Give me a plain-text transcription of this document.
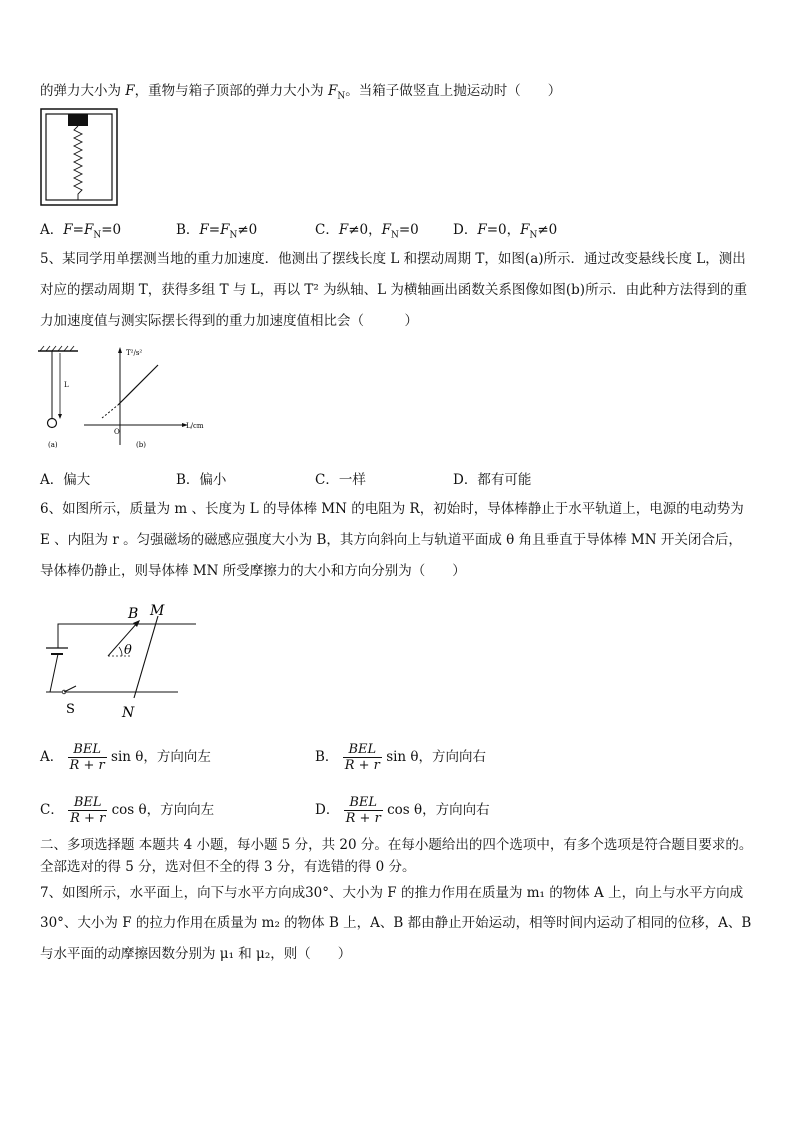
的弹力大小为 F，重物与箱子顶部的弹力大小为 $F_N$。当箱子做竖直上抛运动时（　　）
A．$F=F_N=0$	B．$F=F_N\ne 0$	C．F≠0，$F_N=0$	D．F=0，$F_N\ne 0$
5、某同学用单摆测当地的重力加速度．他测出了摆线长度 L 和摆动周期 T，如图(a)所示．通过改变悬线长度 L，测出
对应的摆动周期 T，获得多组 T 与 L，再以 T² 为纵轴、L 为横轴画出函数关系图像如图(b)所示．由此种方法得到的重
力加速度值与测实际摆长得到的重力加速度值相比会（　　　）
L
(a)
T²/s²
L/cm
O
(b)
A．偏大	B．偏小	C．一样	D．都有可能
6、如图所示，质量为 m 、长度为 L 的导体棒 MN 的电阻为 R，初始时，导体棒静止于水平轨道上，电源的电动势为
E 、内阻为 r 。匀强磁场的磁感应强度大小为 B，其方向斜向上与轨道平面成 θ 角且垂直于导体棒 MN 开关闭合后，
导体棒仍静止，则导体棒 MN 所受摩擦力的大小和方向分别为（　　）
S
B M
θ
N
A． $\frac{\text{BEL}}{R + r}$ sin θ，方向向左	B． $\frac{\text{BEL}}{R + r}$ sin θ，方向向右
C． $\frac{\text{BEL}}{R + r}$ cos θ，方向向左	D． $\frac{\text{BEL}}{R + r}$ cos θ，方向向右
二、多项选择题 本题共 4 小题，每小题 5 分，共 20 分。在每小题给出的四个选项中，有多个选项是符合题目要求的。
全部选对的得 5 分，选对但不全的得 3 分，有选错的得 0 分。
7、如图所示，水平面上，向下与水平方向成30°、大小为 F 的推力作用在质量为 m₁ 的物体 A 上，向上与水平方向成
30°、大小为 F 的拉力作用在质量为 m₂ 的物体 B 上，A、B 都由静止开始运动，相等时间内运动了相同的位移，A、B
与水平面的动摩擦因数分别为 μ₁ 和 μ₂，则（　　）
